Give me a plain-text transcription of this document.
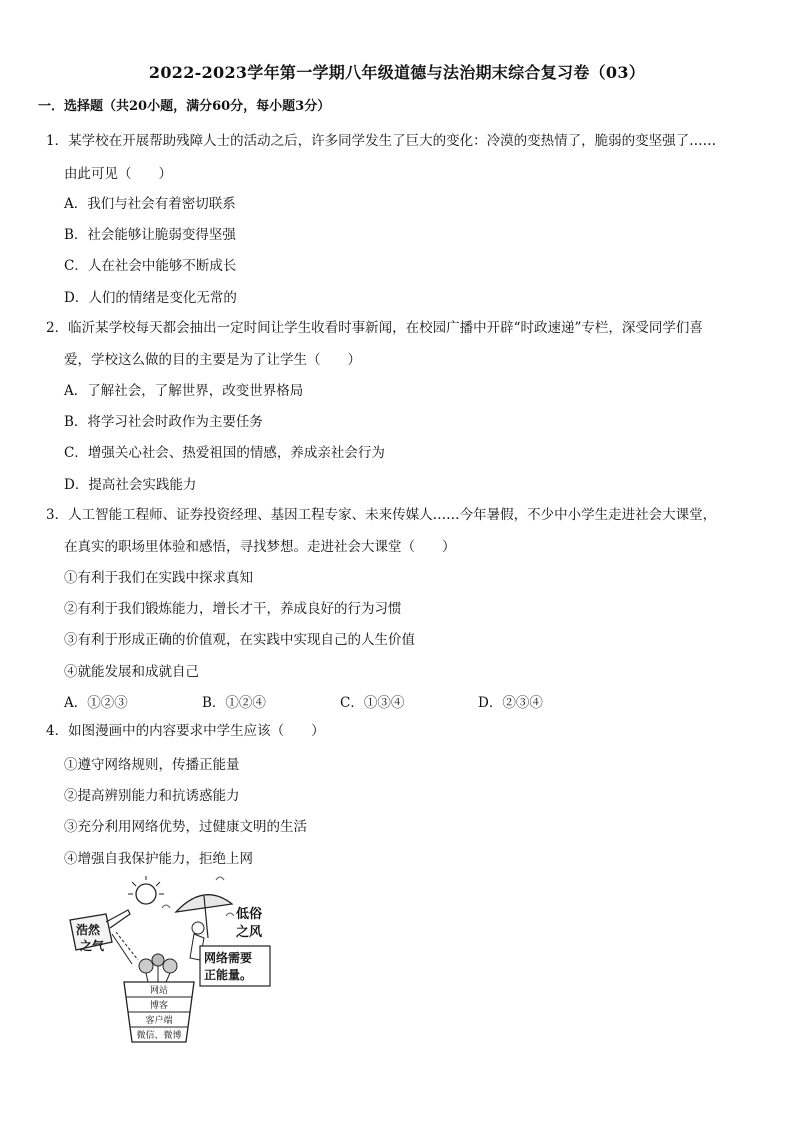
2022-2023学年第一学期八年级道德与法治期末综合复习卷（03）
一．选择题（共20小题，满分60分，每小题3分）
1．某学校在开展帮助残障人士的活动之后，许多同学发生了巨大的变化：冷漠的变热情了，脆弱的变坚强了……
由此可见（　　）
A．我们与社会有着密切联系
B．社会能够让脆弱变得坚强
C．人在社会中能够不断成长
D．人们的情绪是变化无常的
2．临沂某学校每天都会抽出一定时间让学生收看时事新闻，在校园广播中开辟“时政速递”专栏，深受同学们喜
爱，学校这么做的目的主要是为了让学生（　　）
A．了解社会，了解世界，改变世界格局
B．将学习社会时政作为主要任务
C．增强关心社会、热爱祖国的情感，养成亲社会行为
D．提高社会实践能力
3．人工智能工程师、证券投资经理、基因工程专家、未来传媒人……今年暑假，不少中小学生走进社会大课堂，
在真实的职场里体验和感悟，寻找梦想。走进社会大课堂（　　）
①有利于我们在实践中探求真知
②有利于我们锻炼能力，增长才干，养成良好的行为习惯
③有利于形成正确的价值观，在实践中实现自己的人生价值
④就能发展和成就自己
A．①②③	B．①②④	C．①③④	D．②③④
4．如图漫画中的内容要求中学生应该（　　）
①遵守网络规则，传播正能量
②提高辨别能力和抗诱惑能力
③充分利用网络优势，过健康文明的生活
④增强自我保护能力，拒绝上网
浩然
之气
低俗
之风
网络需要
正能量。
网站
博客
客户端
微信、微博
